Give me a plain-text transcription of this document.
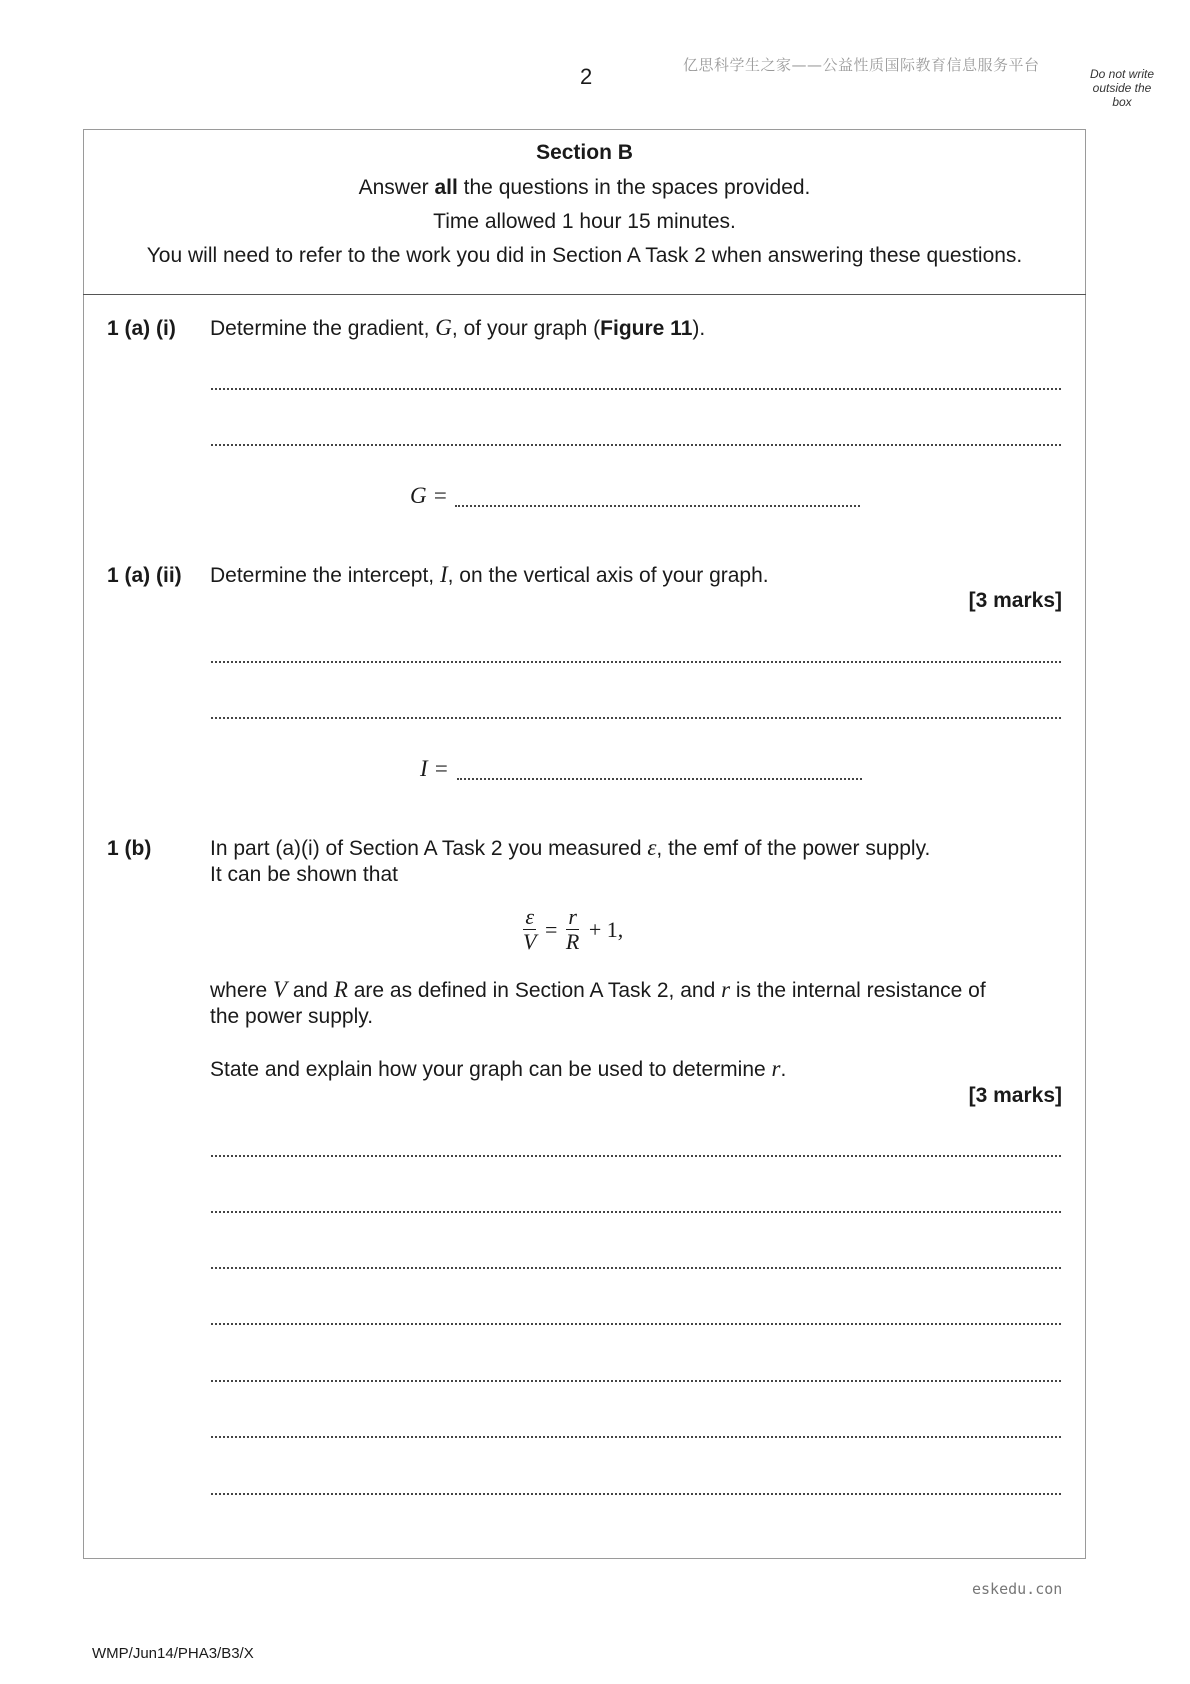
2	亿思科学生之家——公益性质国际教育信息服务平台	Do not write outside the box
Section B
Answer all the questions in the spaces provided.
Time allowed 1 hour 15 minutes.
You will need to refer to the work you did in Section A Task 2 when answering these questions.
1 (a) (i) Determine the gradient, G, of your graph (Figure 11).
G =
1 (a) (ii) Determine the intercept, I, on the vertical axis of your graph.
[3 marks]
I =
1 (b)	In part (a)(i) of Section A Task 2 you measured ε, the emf of the power supply.
It can be shown that
$\frac{\varepsilon}{V} = \frac{r}{R} + 1$,
where V and R are as defined in Section A Task 2, and r is the internal resistance of
the power supply.
State and explain how your graph can be used to determine r.
[3 marks]
eskedu.con
WMP/Jun14/PHA3/B3/X
